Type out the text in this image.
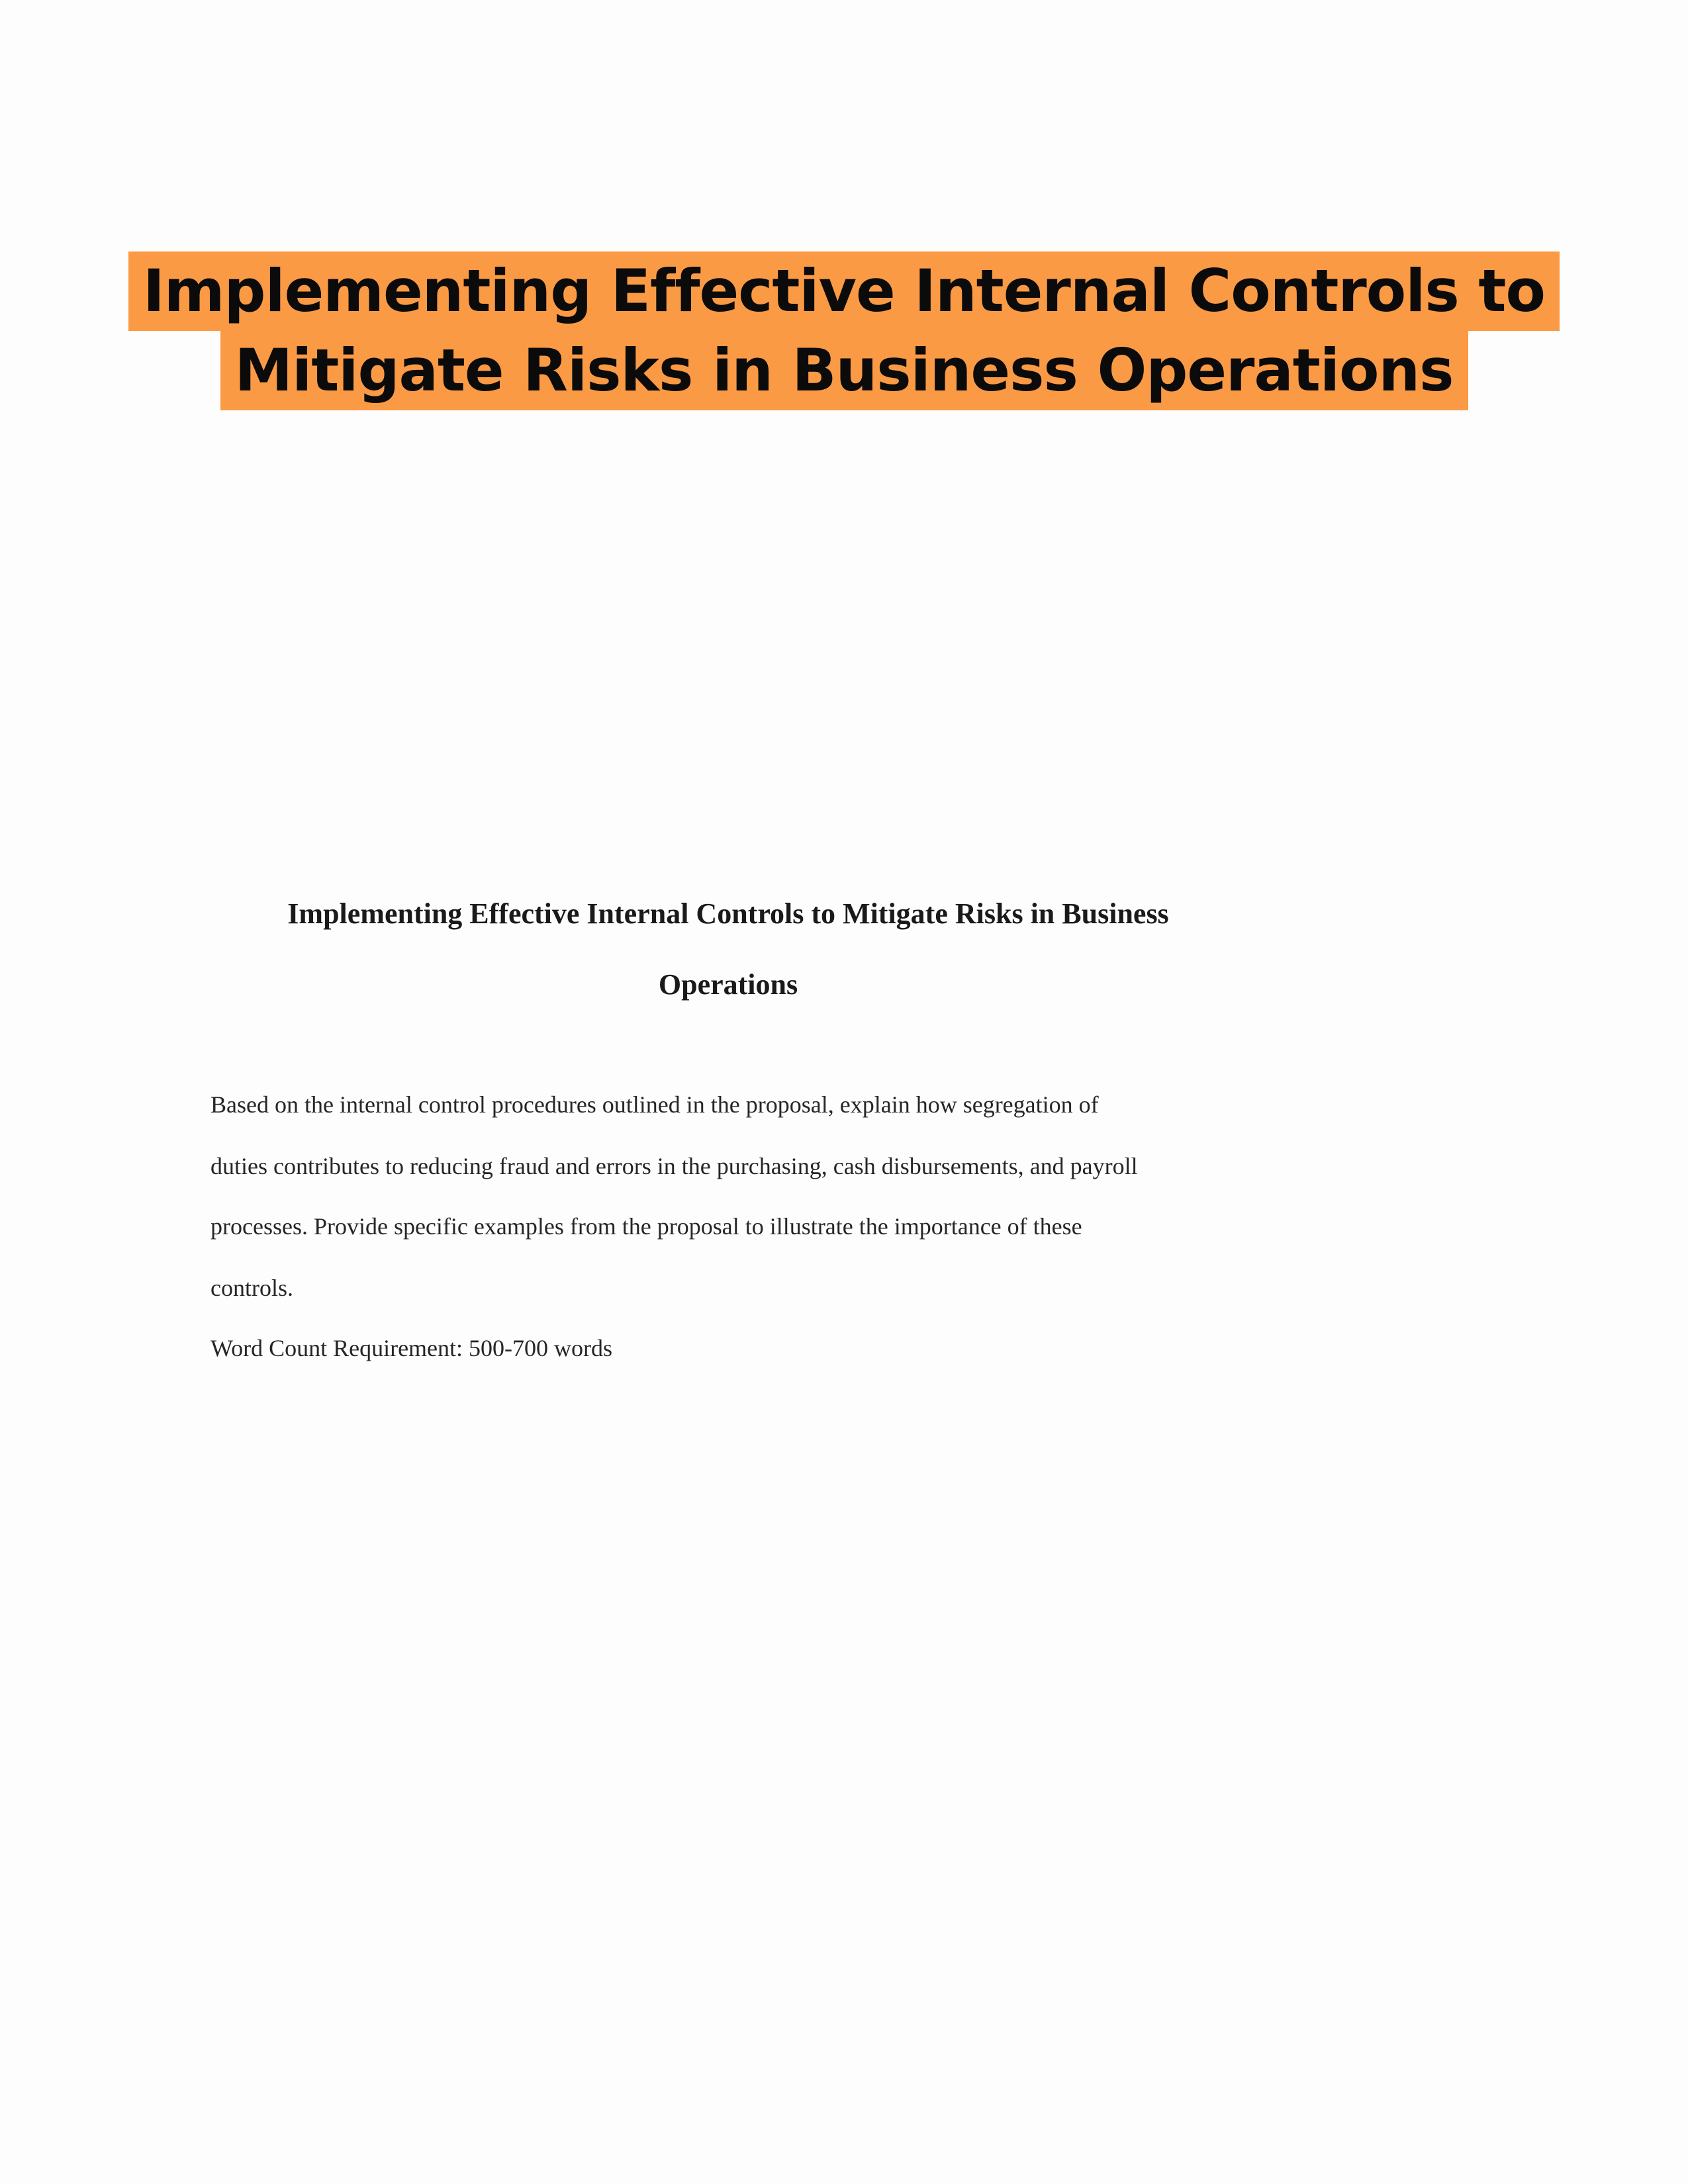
Implementing Effective Internal Controls to
Mitigate Risks in Business Operations
Implementing Effective Internal Controls to Mitigate Risks in Business
Operations
Based on the internal control procedures outlined in the proposal, explain how segregation of
duties contributes to reducing fraud and errors in the purchasing, cash disbursements, and payroll
processes. Provide specific examples from the proposal to illustrate the importance of these
controls.
Word Count Requirement: 500-700 words
